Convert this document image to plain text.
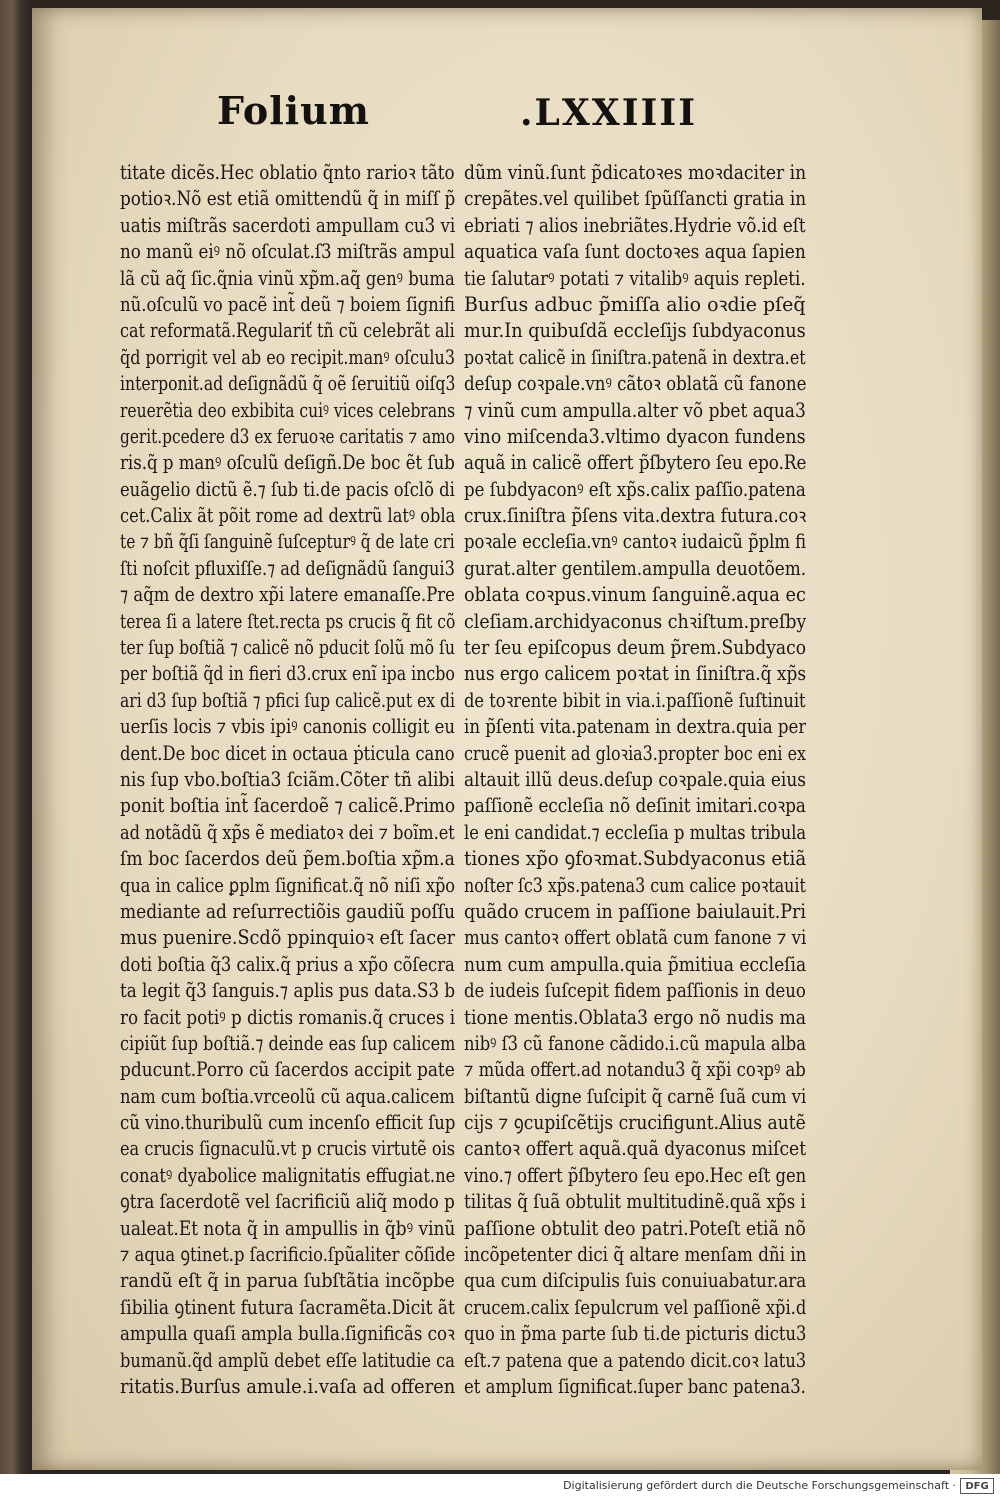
Folium	.LXXIIII
titate dicẽs.Hec oblatio q̃nto rarioꝛ tãto
potioꝛ.Nõ est etiã omittendũ q̃ in miſſ p̃
uatis miſtrãs sacerdoti ampullam cu3 vi
no manũ eiꝰ nõ oſculat.ſ3 miſtrãs ampul
lã cũ aq̃ ſic.q̃nia vinũ xp̃m.aq̃ genꝰ buma
nũ.oſculũ vo pacẽ int̃ deũ ⁊ boiem ſignifi
cat reformatã.Regulariť tñ cũ celebrãt ali
q̃d porrigit vel ab eo recipit.manꝰ oſculu3
interponit.ad deſignãdũ q̃ oẽ ſeruitiũ oiſq3
reuerẽtia deo exbibita cuiꝰ vices celebrans
gerit.pcedere d3 ex feruoꝛe caritatis ⁊ amo
ris.q̃ p manꝰ oſculũ deſigñ.De boc ẽt ſub
euãgelio dictũ ẽ.⁊ ſub ti.de pacis oſclõ di
cet.Calix ãt põit rome ad dextrũ latꝰ obla
te ⁊ bñ q̃ſi ſanguinẽ ſuſcepturꝰ q̃ de late cri
ſti noſcit pfluxiſſe.⁊ ad deſignãdũ ſangui3
⁊ aq̃m de dextro xp̃i latere emanaſſe.Pre
terea ſi a latere ſtet.recta ps crucis q̃ fit cõ
ter ſup boſtiã ⁊ calicẽ nõ pducit ſolũ mõ ſu
per boſtiã q̃d in fieri d3.crux enĩ ipa incbo
ari d3 ſup boſtiã ⁊ pfici ſup calicẽ.put ex di
uerſis locis ⁊ vbis ipiꝰ canonis colligit eu
dent.De boc dicet in octaua ṗticula cano
nis ſup vbo.boſtia3 ſciãm.Cõter tñ alibi
ponit boſtia int̃ ſacerdoẽ ⁊ calicẽ.Primo
ad notãdũ q̃ xp̃s ẽ mediatoꝛ dei ⁊ boĩm.et
ſm boc ſacerdos deũ p̃em.boſtia xp̃m.a
qua in calice ꝑplm ſignificat.q̃ nõ niſi xp̃o
mediante ad reſurrectiõis gaudiũ poſſu
mus puenire.Scdõ ppinquioꝛ eſt ſacer
doti boſtia q̃3 calix.q̃ prius a xp̃o cõſecra
ta legit q̃3 ſanguis.⁊ aplis pus data.S3 b
ro facit potiꝰ p dictis romanis.q̃ cruces i
cipiũt ſup boſtiã.⁊ deinde eas ſup calicem
pducunt.Porro cũ ſacerdos accipit pate
nam cum boſtia.vrceolũ cũ aqua.calicem
cũ vino.thuribulũ cum incenſo efficit ſup
ea crucis ſignaculũ.vt p crucis virtutẽ ois
conatꝰ dyabolice malignitatis effugiat.ne
ꝯtra ſacerdotẽ vel ſacrificiũ aliq̃ modo p
ualeat.Et nota q̃ in ampullis in q̃bꝰ vinũ
⁊ aqua ꝯtinet.p ſacrificio.ſpũaliter cõſide
randũ eſt q̃ in parua ſubſtãtia incõpbe
ſibilia ꝯtinent futura ſacramẽta.Dicit ãt
ampulla quaſi ampla bulla.ſignificãs coꝛ
bumanũ.q̃d amplũ debet eſſe latitudie ca
ritatis.Burſus amule.i.vaſa ad offeren
dũm vinũ.ſunt p̃dicatoꝛes moꝛdaciter in
crepãtes.vel quilibet ſpũſſancti gratia in
ebriati ⁊ alios inebriãtes.Hydrie võ.id eſt
aquatica vaſa ſunt doctoꝛes aqua ſapien
tie ſalutarꝰ potati ⁊ vitalibꝰ aquis repleti.
Burſus adbuc p̃miſſa alio oꝛdie pſeq̃
mur.In quibuſdã eccleſijs ſubdyaconus
poꝛtat calicẽ in ſiniſtra.patenã in dextra.et
deſup coꝛpale.vnꝰ cãtoꝛ oblatã cũ fanone
⁊ vinũ cum ampulla.alter võ pbet aqua3
vino miſcenda3.vltimo dyacon fundens
aquã in calicẽ offert p̃ſbytero ſeu epo.Re
pe ſubdyaconꝰ eſt xp̃s.calix paſſio.patena
crux.ſiniſtra p̃ſens vita.dextra futura.coꝛ
poꝛale eccleſia.vnꝰ cantoꝛ iudaicũ p̃plm fi
gurat.alter gentilem.ampulla deuotõem.
oblata coꝛpus.vinum ſanguinẽ.aqua ec
cleſiam.archidyaconus chꝛiſtum.preſby
ter ſeu epiſcopus deum p̃rem.Subdyaco
nus ergo calicem poꝛtat in ſiniſtra.q̃ xp̃s
de toꝛrente bibit in via.i.paſſionẽ ſuſtinuit
in p̃ſenti vita.patenam in dextra.quia per
crucẽ puenit ad gloꝛia3.propter boc eni ex
altauit illũ deus.deſup coꝛpale.quia eius
paſſionẽ eccleſia nõ deſinit imitari.coꝛpa
le eni candidat.⁊ eccleſia p multas tribula
tiones xp̃o ꝯfoꝛmat.Subdyaconus etiã
noſter ſc3 xp̃s.patena3 cum calice poꝛtauit
quãdo crucem in paſſione baiulauit.Pri
mus cantoꝛ offert oblatã cum fanone ⁊ vi
num cum ampulla.quia p̃mitiua eccleſia
de iudeis ſuſcepit fidem paſſionis in deuo
tione mentis.Oblata3 ergo nõ nudis ma
nibꝰ ſ3 cũ fanone cãdido.i.cũ mapula alba
⁊ mũda offert.ad notandu3 q̃ xp̃i coꝛpꝰ ab
biſtantũ digne ſuſcipit q̃ carnẽ ſuã cum vi
cijs ⁊ ꝯcupiſcẽtijs crucifigunt.Alius autẽ
cantoꝛ offert aquã.quã dyaconus miſcet
vino.⁊ offert p̃ſbytero ſeu epo.Hec eſt gen
tilitas q̃ ſuã obtulit multitudinẽ.quã xp̃s i
paſſione obtulit deo patri.Poteſt etiã nõ
incõpetenter dici q̃ altare menſam dñi in
qua cum diſcipulis ſuis conuiuabatur.ara
crucem.calix ſepulcrum vel paſſionẽ xp̃i.d
quo in p̃ma parte ſub ti.de picturis dictu3
eſt.⁊ patena que a patendo dicit.coꝛ latu3
et amplum ſignificat.ſuper banc patena3.
Digitalisierung gefördert durch die Deutsche Forschungsgemeinschaft · DFG
